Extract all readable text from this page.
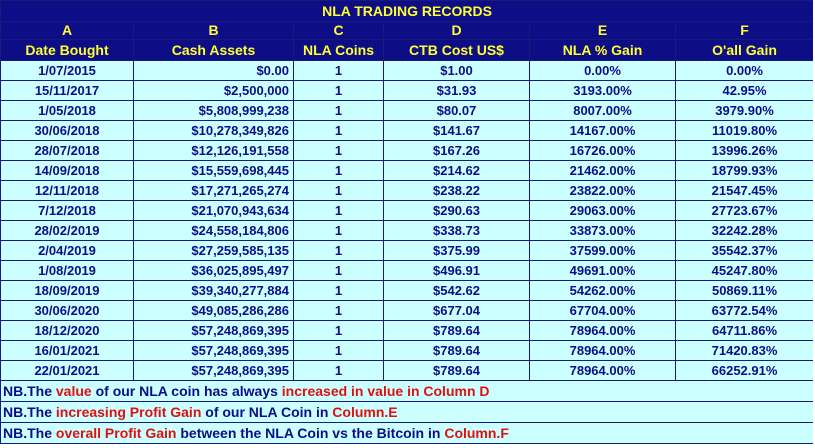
NLA TRADING RECORDS					
A	B	C	D	E	F
Date Bought	Cash Assets	NLA Coins	CTB Cost US$	NLA % Gain	O'all Gain
1/07/2015	$0.00	1	$1.00	0.00%	0.00%
15/11/2017	$2,500,000	1	$31.93	3193.00%	42.95%
1/05/2018	$5,808,999,238	1	$80.07	8007.00%	3979.90%
30/06/2018	$10,278,349,826	1	$141.67	14167.00%	11019.80%
28/07/2018	$12,126,191,558	1	$167.26	16726.00%	13996.26%
14/09/2018	$15,559,698,445	1	$214.62	21462.00%	18799.93%
12/11/2018	$17,271,265,274	1	$238.22	23822.00%	21547.45%
7/12/2018	$21,070,943,634	1	$290.63	29063.00%	27723.67%
28/02/2019	$24,558,184,806	1	$338.73	33873.00%	32242.28%
2/04/2019	$27,259,585,135	1	$375.99	37599.00%	35542.37%
1/08/2019	$36,025,895,497	1	$496.91	49691.00%	45247.80%
18/09/2019	$39,340,277,884	1	$542.62	54262.00%	50869.11%
30/06/2020	$49,085,286,286	1	$677.04	67704.00%	63772.54%
18/12/2020	$57,248,869,395	1	$789.64	78964.00%	64711.86%
16/01/2021	$57,248,869,395	1	$789.64	78964.00%	71420.83%
22/01/2021	$57,248,869,395	1	$789.64	78964.00%	66252.91%
NB.The value of our NLA coin has always increased in value in Column D					
NB.The increasing Profit Gain of our NLA Coin in Column.E					
NB.The overall Profit Gain between the NLA Coin vs the Bitcoin in Column.F					
